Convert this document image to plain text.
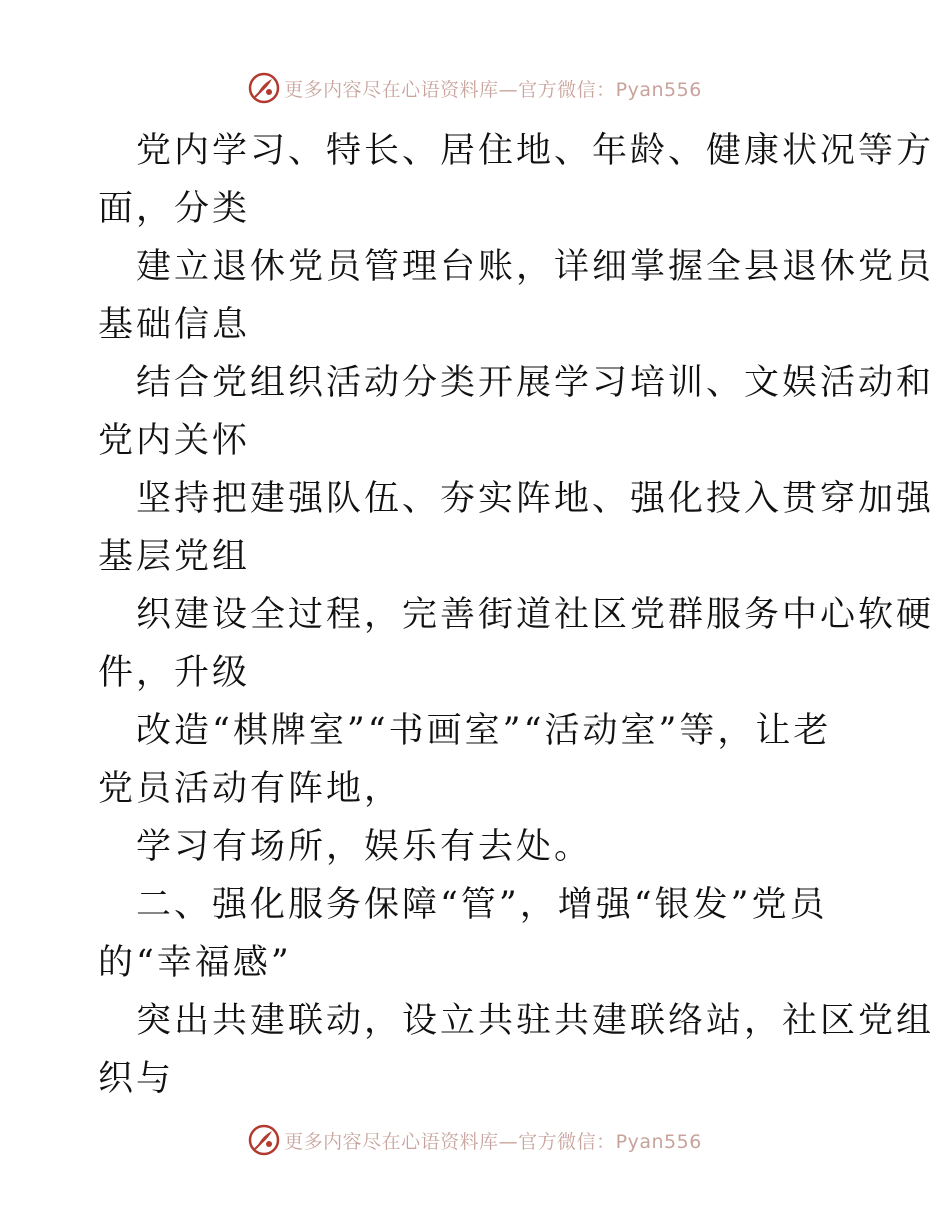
更多内容尽在心语资料库—官方微信：Pyan556
党内学习、特长、居住地、年龄、健康状况等方
面，分类
建立退休党员管理台账，详细掌握全县退休党员
基础信息
结合党组织活动分类开展学习培训、文娱活动和
党内关怀
坚持把建强队伍、夯实阵地、强化投入贯穿加强
基层党组
织建设全过程，完善街道社区党群服务中心软硬
件，升级
改造“棋牌室”“书画室”“活动室”等，让老
党员活动有阵地，
学习有场所，娱乐有去处。
二、强化服务保障“管”，增强“银发”党员
的“幸福感”
突出共建联动，设立共驻共建联络站，社区党组
织与
更多内容尽在心语资料库—官方微信：Pyan556
